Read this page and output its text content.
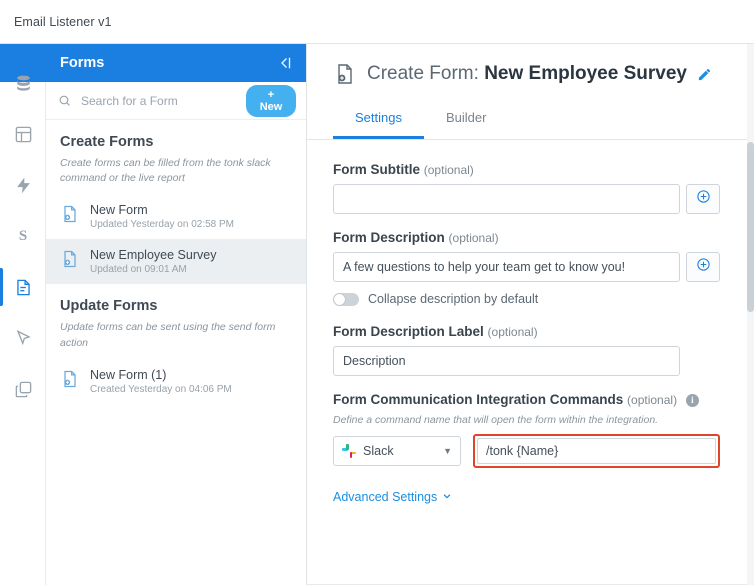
Email Listener v1
S
Forms
Search for a Form
+ New
Create Forms
Create forms can be filled from the tonk slack command or the live report
New Form
Updated Yesterday on 02:58 PM
New Employee Survey
Updated on 09:01 AM
Update Forms
Update forms can be sent using the send form action
New Form (1)
Created Yesterday on 04:06 PM
Create Form: New Employee Survey
Settings	Builder
Form Subtitle (optional)
Form Description (optional)
A few questions to help your team get to know you!
Collapse description by default
Form Description Label (optional)
Description
Form Communication Integration Commands (optional) i
Define a command name that will open the form within the integration.
Slack	▼
/tonk {Name}
Advanced Settings
